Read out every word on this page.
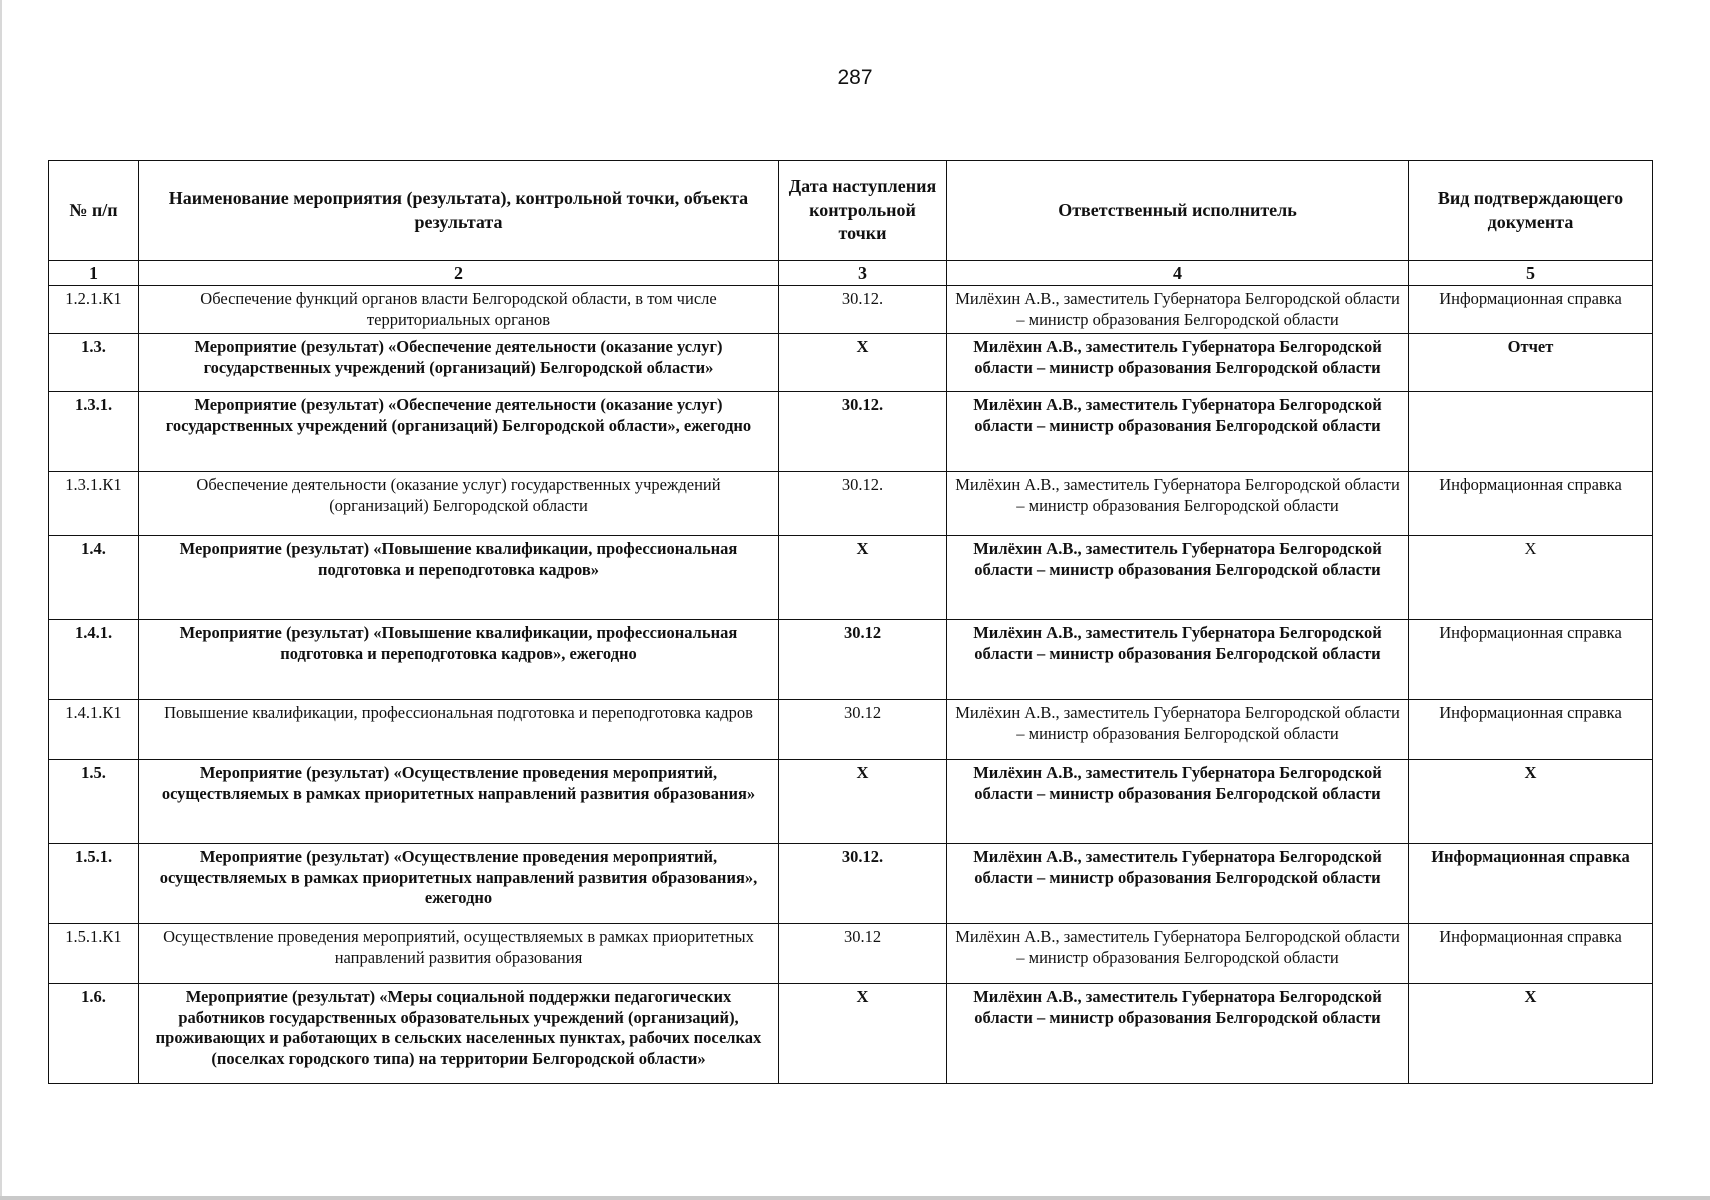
287
№ п/п	Наименование мероприятия (результата), контрольной точки, объекта результата	Дата наступления контрольной точки	Ответственный исполнитель	Вид подтверждающего документа
1	2	3	4	5
1.2.1.К1	Обеспечение функций органов власти Белгородской области, в том числе территориальных органов	30.12.	Милёхин А.В., заместитель Губернатора Белгородской области – министр образования Белгородской области	Информационная справка
1.3.	Мероприятие (результат) «Обеспечение деятельности (оказание услуг) государственных учреждений (организаций) Белгородской области»	X	Милёхин А.В., заместитель Губернатора Белгородской области – министр образования Белгородской области	Отчет
1.3.1.	Мероприятие (результат) «Обеспечение деятельности (оказание услуг) государственных учреждений (организаций) Белгородской области», ежегодно	30.12.	Милёхин А.В., заместитель Губернатора Белгородской области – министр образования Белгородской области	
1.3.1.К1	Обеспечение деятельности (оказание услуг) государственных учреждений (организаций) Белгородской области	30.12.	Милёхин А.В., заместитель Губернатора Белгородской области – министр образования Белгородской области	Информационная справка
1.4.	Мероприятие (результат) «Повышение квалификации, профессиональная подготовка и переподготовка кадров»	X	Милёхин А.В., заместитель Губернатора Белгородской области – министр образования Белгородской области	X
1.4.1.	Мероприятие (результат) «Повышение квалификации, профессиональная подготовка и переподготовка кадров», ежегодно	30.12	Милёхин А.В., заместитель Губернатора Белгородской области – министр образования Белгородской области	Информационная справка
1.4.1.К1	Повышение квалификации, профессиональная подготовка и переподготовка кадров	30.12	Милёхин А.В., заместитель Губернатора Белгородской области – министр образования Белгородской области	Информационная справка
1.5.	Мероприятие (результат) «Осуществление проведения мероприятий, осуществляемых в рамках приоритетных направлений развития образования»	X	Милёхин А.В., заместитель Губернатора Белгородской области – министр образования Белгородской области	X
1.5.1.	Мероприятие (результат) «Осуществление проведения мероприятий, осуществляемых в рамках приоритетных направлений развития образования», ежегодно	30.12.	Милёхин А.В., заместитель Губернатора Белгородской области – министр образования Белгородской области	Информационная справка
1.5.1.К1	Осуществление проведения мероприятий, осуществляемых в рамках приоритетных направлений развития образования	30.12	Милёхин А.В., заместитель Губернатора Белгородской области – министр образования Белгородской области	Информационная справка
1.6.	Мероприятие (результат) «Меры социальной поддержки педагогических работников государственных образовательных учреждений (организаций), проживающих и работающих в сельских населенных пунктах, рабочих поселках (поселках городского типа) на территории Белгородской области»	X	Милёхин А.В., заместитель Губернатора Белгородской области – министр образования Белгородской области	X
